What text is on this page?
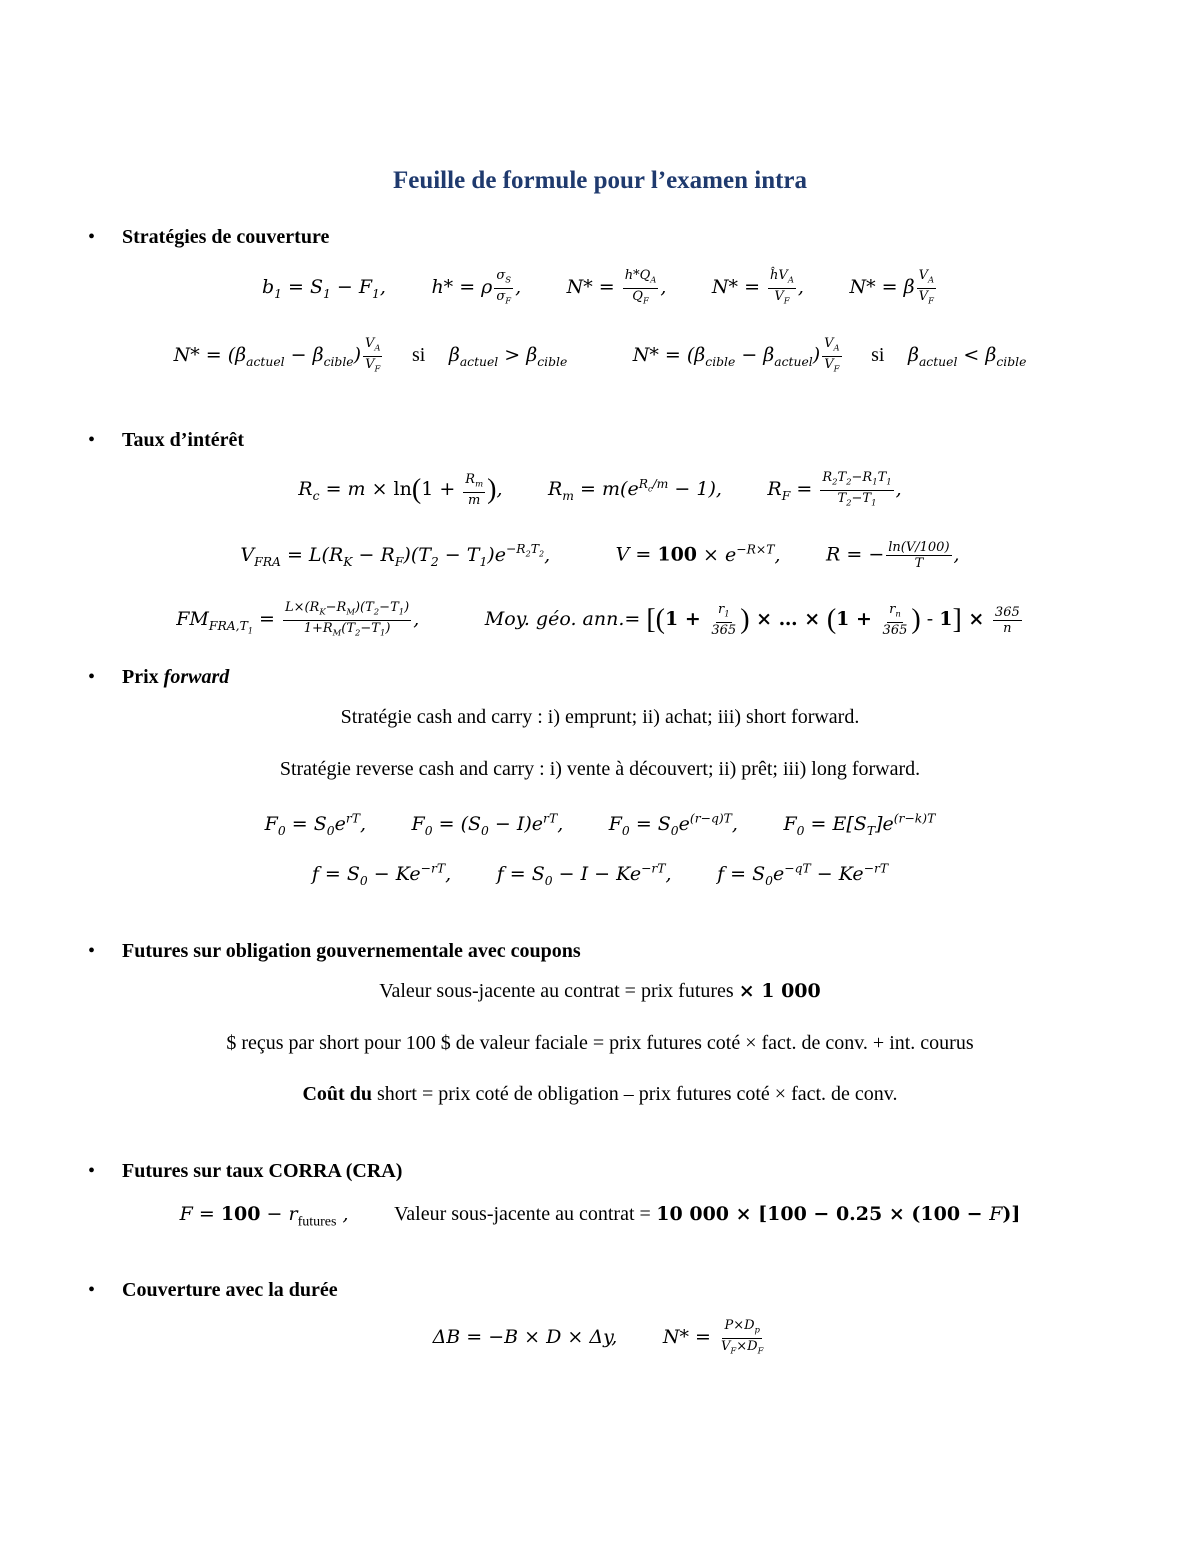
Feuille de formule pour l’examen intra
• Stratégies de couverture
$b_1 = S_1 - F_1$, h* = ρ $\frac{\sigma_S}{\sigma_F}$ , $N* = \frac{h*Q_A}{Q_F}$ , $N* = \frac{ĥV_A}{V_F}$ , N* = β $\frac{V_A}{V_F}$
$N* = (\beta_{actuel} - \beta_{cible}) \frac{V_A}{V_F}$ si $\beta_{actuel} > \beta_{cible}$	$N* = (\beta_{cible} - \beta_{actuel}) \frac{V_A}{V_F}$ si $\beta_{actuel} < \beta_{cible}$
• Taux d’intérêt
$R_c = m \times \ln(1 + \frac{R_m}{m}$ ), $R_m = m(e^{R_c/m} - 1)$, $R_F = \frac{R_2T_2-R_1T_1}{T_2-T_1}$ ,
$V_{FRA} = L(R_K - R_F)(T_2 - T_1)e^{-R_2T_2}$,	$V = 100 \times e^{-R\times T}$, R = − $\frac{\ln(V/100)}{T}$ ,
$FM_{FRA,T_1} = \frac{L\times(R_K-R_M)(T_2-T_1)}{1+R_M(T_2-T_1)}$ ,	Moy. géo. $ann.= [(1 + \frac{r_1}{365}$ ) × … × ($1 + \frac{r_n}{365}$ ) - $1] \times \frac{365}{n}$
• Prix forward
Stratégie cash and carry : i) emprunt; ii) achat; iii) short forward.
Stratégie reverse cash and carry : i) vente à découvert; ii) prêt; iii) long forward.
$F_0 = S_0e^{rT}$, $F_0 = (S_0 - I)e^{rT}$, $F_0 = S_0e^{(r-q)T}$, $F_0 = E[S_T]e^{(r-k)T}$
$f = S_0 - Ke^{-rT}$, $f = S_0 - I - Ke^{-rT}$, $f = S_0e^{-qT} - Ke^{-rT}$
• Futures sur obligation gouvernementale avec coupons
Valeur sous-jacente au contrat = prix futures × 1 000
$ reçus par short pour 100 $ de valeur faciale = prix futures coté × fact. de conv. + int. courus
Coût du short = prix coté de obligation – prix futures coté × fact. de conv.
• Futures sur taux CORRA (CRA)
$F = 100 - r_{futures}$ , Valeur sous-jacente au contrat = 10 000 × [100 − 0.25 × (100 − F)]
• Couverture avec la durée
ΔB = −B × D × Δy, $N* = \frac{P\times D_p}{V_F\times D_F}$
